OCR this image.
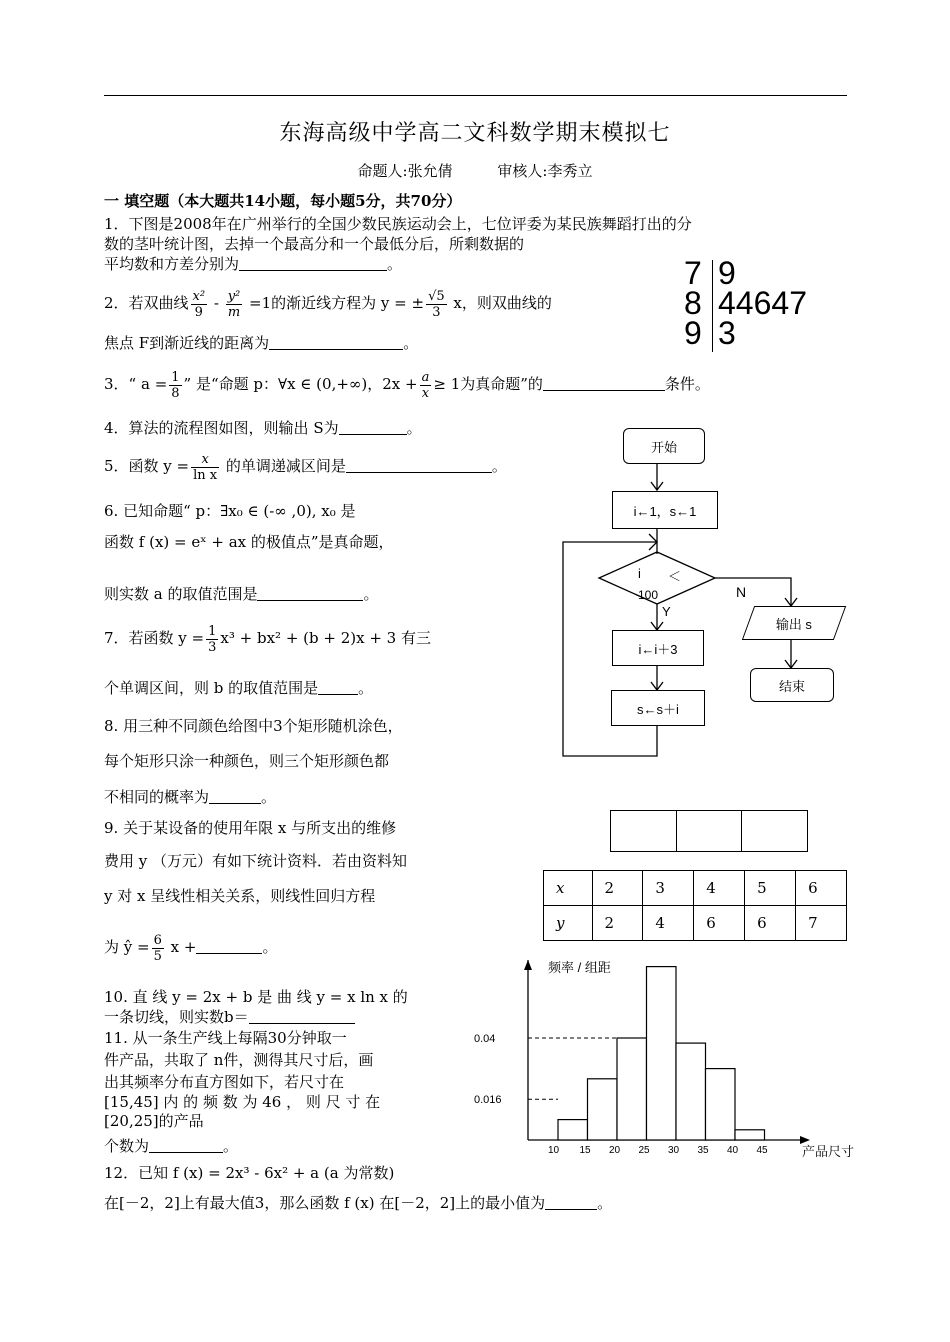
东海高级中学高二文科数学期末模拟七
命题人:张允倩	审核人:李秀立
一 填空题（本大题共14小题，每小题5分，共70分）
1．下图是2008年在广州举行的全国少数民族运动会上，七位评委为某民族舞蹈打出的分
数的茎叶统计图，去掉一个最高分和一个最低分后，所剩数据的
平均数和方差分别为	。	7 9
8 44647
9 3
2．若双曲线 $\frac{\text{x²}}{9} - \frac{\text{y²}}{m} =1$的渐近线方程为 y = ± $\frac{√5}{3}$ x，则双曲线的
焦点 F到渐近线的距离为	。
3．“ $a = \frac{1}{8}$ ” 是“命题 p：∀x ∈ (0,+∞)，$2x + \frac{a}{x} \ge 1$为真命题”的	条件。
4．算法的流程图如图，则输出 S为	。
5．函数 $y = \frac{x}{\text{ln x}}$ 的单调递减区间是	。
6. 已知命题“ p：∃x₀ ∈ (-∞ ,0), x₀ 是
函数 f (x) = eˣ + ax 的极值点”是真命题，
则实数 a 的取值范围是	。
7．若函数 $y = \frac{1}{3} x^3 + bx^2 + (b + 2)x + 3$ 有三
个单调区间，则 b 的取值范围是	。
8. 用三种不同颜色给图中3个矩形随机涂色，
每个矩形只涂一种颜色，则三个矩形颜色都
不相同的概率为	。
9. 关于某设备的使用年限 x 与所支出的维修
费用 y （万元）有如下统计资料．若由资料知
y 对 x 呈线性相关关系，则线性回归方程
为 ŷ = $\frac{6}{5}$ x +	。
10. 直 线 y = 2x + b 是 曲 线 y = x ln x 的
一条切线，则实数b＝
11. 从一条生产线上每隔30分钟取一
件产品，共取了 n件，测得其尺寸后，画
出其频率分布直方图如下，若尺寸在
[15,45] 内 的 频 数 为 46 ， 则 尺 寸 在
[20,25]的产品
个数为	。
12．已知 f (x) = 2x³ - 6x² + a (a 为常数)
在[－2，2]上有最大值3，那么函数 f (x) 在[－2，2]上的最小值为	。
开始
i←1，s←1
i ＜
100
Y
N
i←i＋3
s←s＋i
输出 s
结束
x	2	3	4	5	6
y	2	4	6	6	7
0.04
0.016
10 15 20 25 30 35 40 45
频率 / 组距
产品尺寸
